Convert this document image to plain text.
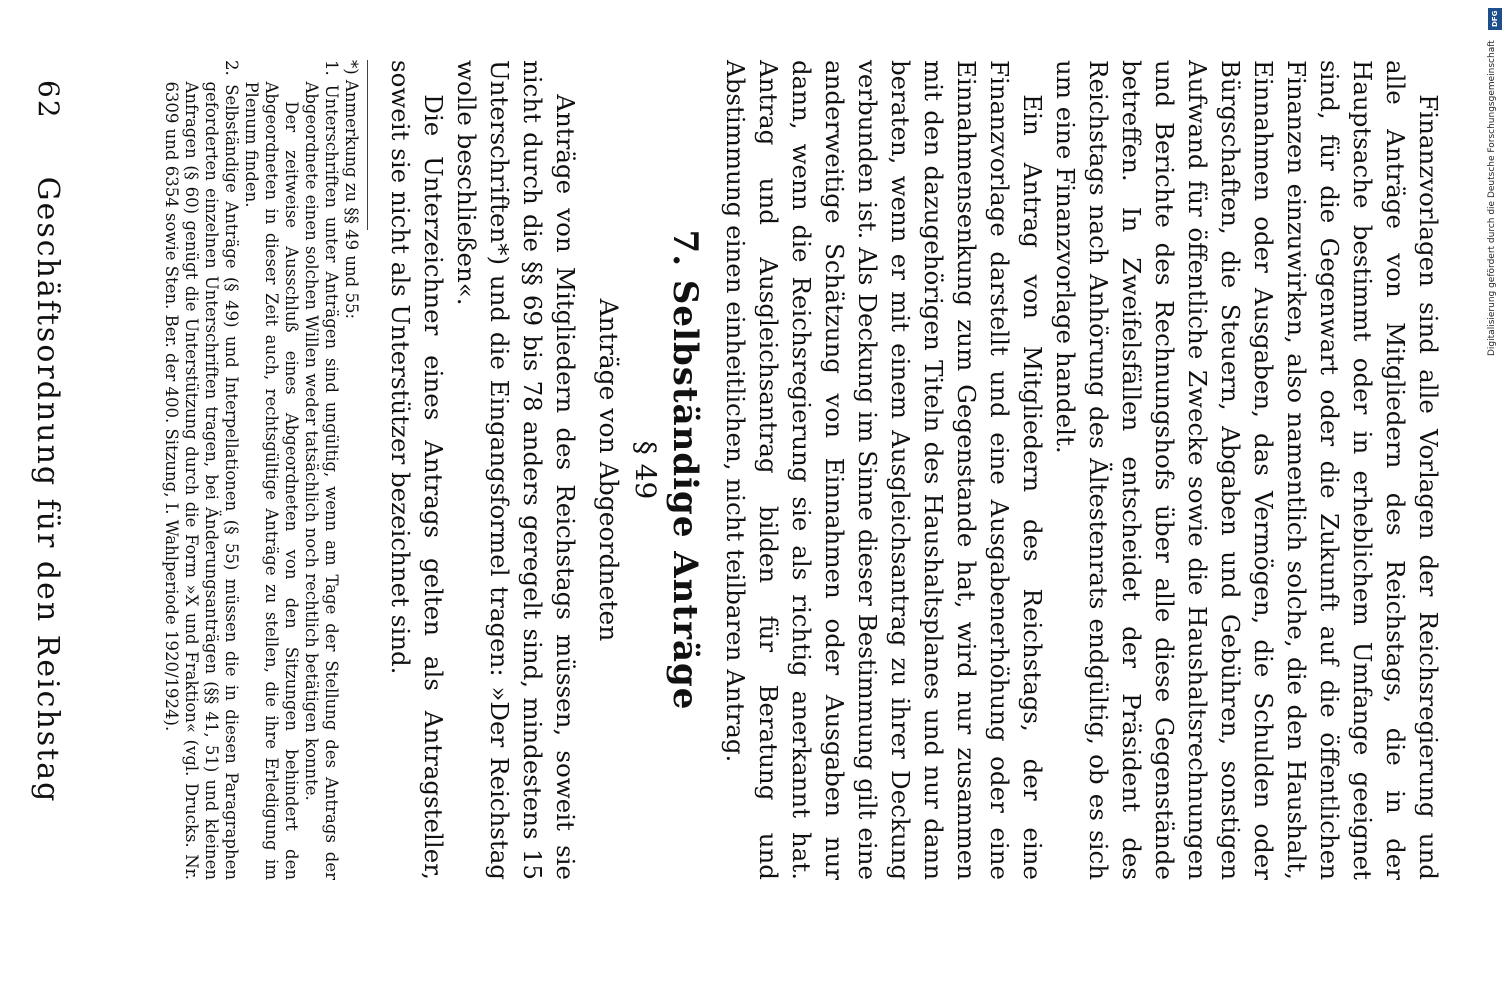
62
Geschäftsordnung für den Reichstag	Finanzvorlagen sind alle Vorlagen der Reichsregierung und alle Anträge von Mitgliedern des Reichstags, die in der Hauptsache bestimmt oder in erheblichem Umfange geeignet sind, für die Gegenwart oder die Zukunft auf die öffentlichen Finanzen einzuwirken, also namentlich solche, die den Haushalt, Einnahmen oder Ausgaben, das Vermögen, die Schulden oder Bürgschaften, die Steuern, Abgaben und Gebühren, sonstigen Aufwand für öffentliche Zwecke sowie die Haushaltsrechnungen und Berichte des Rechnungshofs über alle diese Gegenstände betreffen. In Zweifelsfällen entscheidet der Präsident des Reichstags nach Anhörung des Ältestenrats endgültig, ob es sich um eine Finanzvorlage handelt.

Ein Antrag von Mitgliedern des Reichstags, der eine Finanzvorlage darstellt und eine Ausgabenerhöhung oder eine Einnahmensenkung zum Gegenstande hat, wird nur zusammen mit den dazugehörigen Titeln des Haushaltsplanes und nur dann beraten, wenn er mit einem Ausgleichsantrag zu ihrer Deckung verbunden ist. Als Deckung im Sinne dieser Bestimmung gilt eine anderweitige Schätzung von Einnahmen oder Ausgaben nur dann, wenn die Reichsregierung sie als richtig anerkannt hat. Antrag und Ausgleichsantrag bilden für Beratung und Abstimmung einen einheitlichen, nicht teilbaren Antrag.

7. Selbständige Anträge
§ 49
Anträge von Abgeordneten

Anträge von Mitgliedern des Reichstags müssen, soweit sie nicht durch die §§ 69 bis 78 anders geregelt sind, mindestens 15 Unterschriften*) und die Eingangsformel tragen: »Der Reichstag wolle beschließen«.

Die Unterzeichner eines Antrags gelten als Antragsteller, soweit sie nicht als Unterstützer bezeichnet sind.

*) Anmerkung zu §§ 49 und 55:

1. Unterschriften unter Anträgen sind ungültig, wenn am Tage der Stellung des Antrags der Abgeordnete einen solchen Willen weder tatsächlich noch rechtlich betätigen konnte.

Der zeitweise Ausschluß eines Abgeordneten von den Sitzungen behindert den Abgeordneten in dieser Zeit auch, rechtsgültige Anträge zu stellen, die ihre Erledigung im Plenum finden.

2. Selbständige Anträge (§ 49) und Interpellationen (§ 55) müssen die in diesen Paragraphen geforderten einzelnen Unterschriften tragen, bei Änderungsanträgen (§§ 41, 51) und kleinen Anfragen (§ 60) genügt die Unterstützung durch die Form »X und Fraktion« (vgl. Drucks. Nr. 6309 und 6354 sowie Sten. Ber. der 400. Sitzung, I. Wahlperiode 1920/1924).

DFG
Digitalisierung gefördert durch die Deutsche Forschungsgemeinschaft
